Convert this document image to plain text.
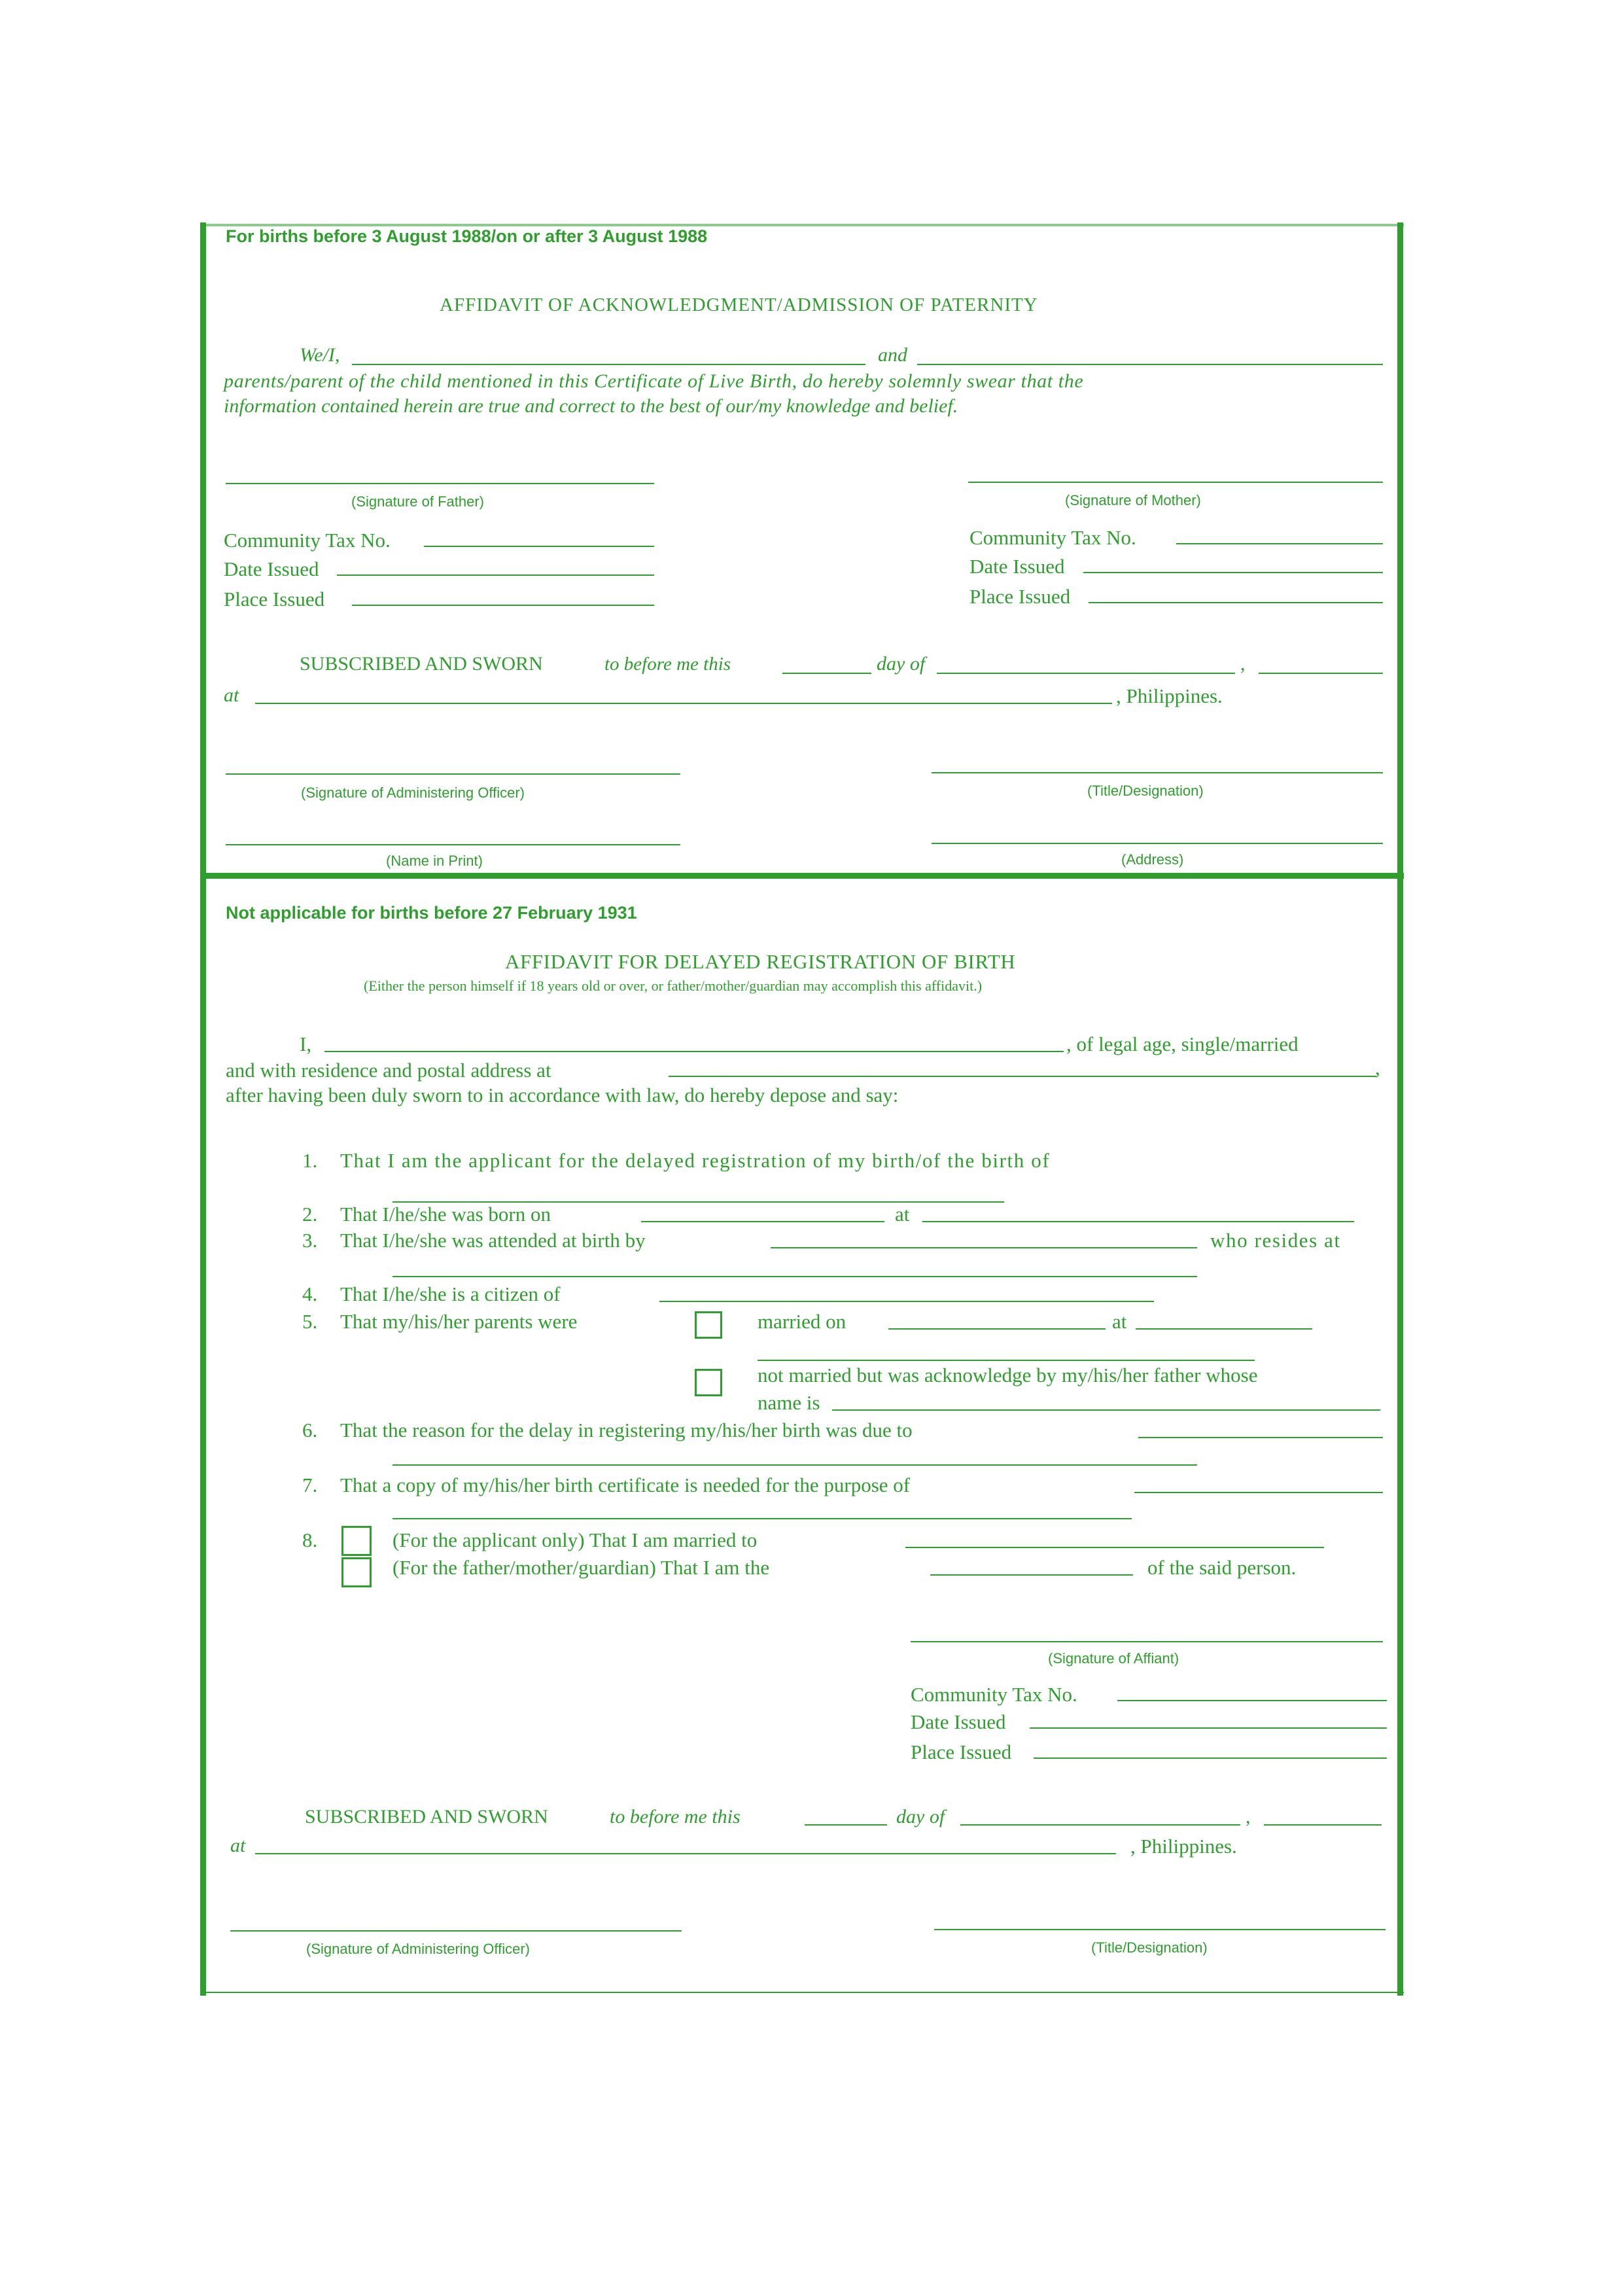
For births before 3 August 1988/on or after 3 August 1988
AFFIDAVIT OF ACKNOWLEDGMENT/ADMISSION OF PATERNITY
We/I,	and
parents/parent of the child mentioned in this Certificate of Live Birth, do hereby solemnly swear that the
information contained herein are true and correct to the best of our/my knowledge and belief.
(Signature of Father)	(Signature of Mother)
Community Tax No.
Date Issued
Place Issued
Community Tax No.
Date Issued
Place Issued
SUBSCRIBED AND SWORN	to before me this	day of	,
at	, Philippines.
(Signature of Administering Officer)	(Title/Designation)
(Name in Print)	(Address)
Not applicable for births before 27 February 1931
AFFIDAVIT FOR DELAYED REGISTRATION OF BIRTH
(Either the person himself if 18 years old or over, or father/mother/guardian may accomplish this affidavit.)
I,	, of legal age, single/married
and with residence and postal address at	,
after having been duly sworn to in accordance with law, do hereby depose and say:
1. That I am the applicant for the delayed registration of my birth/of the birth of
2. That I/he/she was born on	at
3. That I/he/she was attended at birth by	who resides at
4. That I/he/she is a citizen of
5. That my/his/her parents were	married on	at
not married but was acknowledge by my/his/her father whose
name is
6. That the reason for the delay in registering my/his/her birth was due to
7. That a copy of my/his/her birth certificate is needed for the purpose of
8.	(For the applicant only) That I am married to
(For the father/mother/guardian) That I am the	of the said person.
(Signature of Affiant)
Community Tax No.
Date Issued
Place Issued
SUBSCRIBED AND SWORN	to before me this	day of	,
at	, Philippines.
(Signature of Administering Officer)	(Title/Designation)
